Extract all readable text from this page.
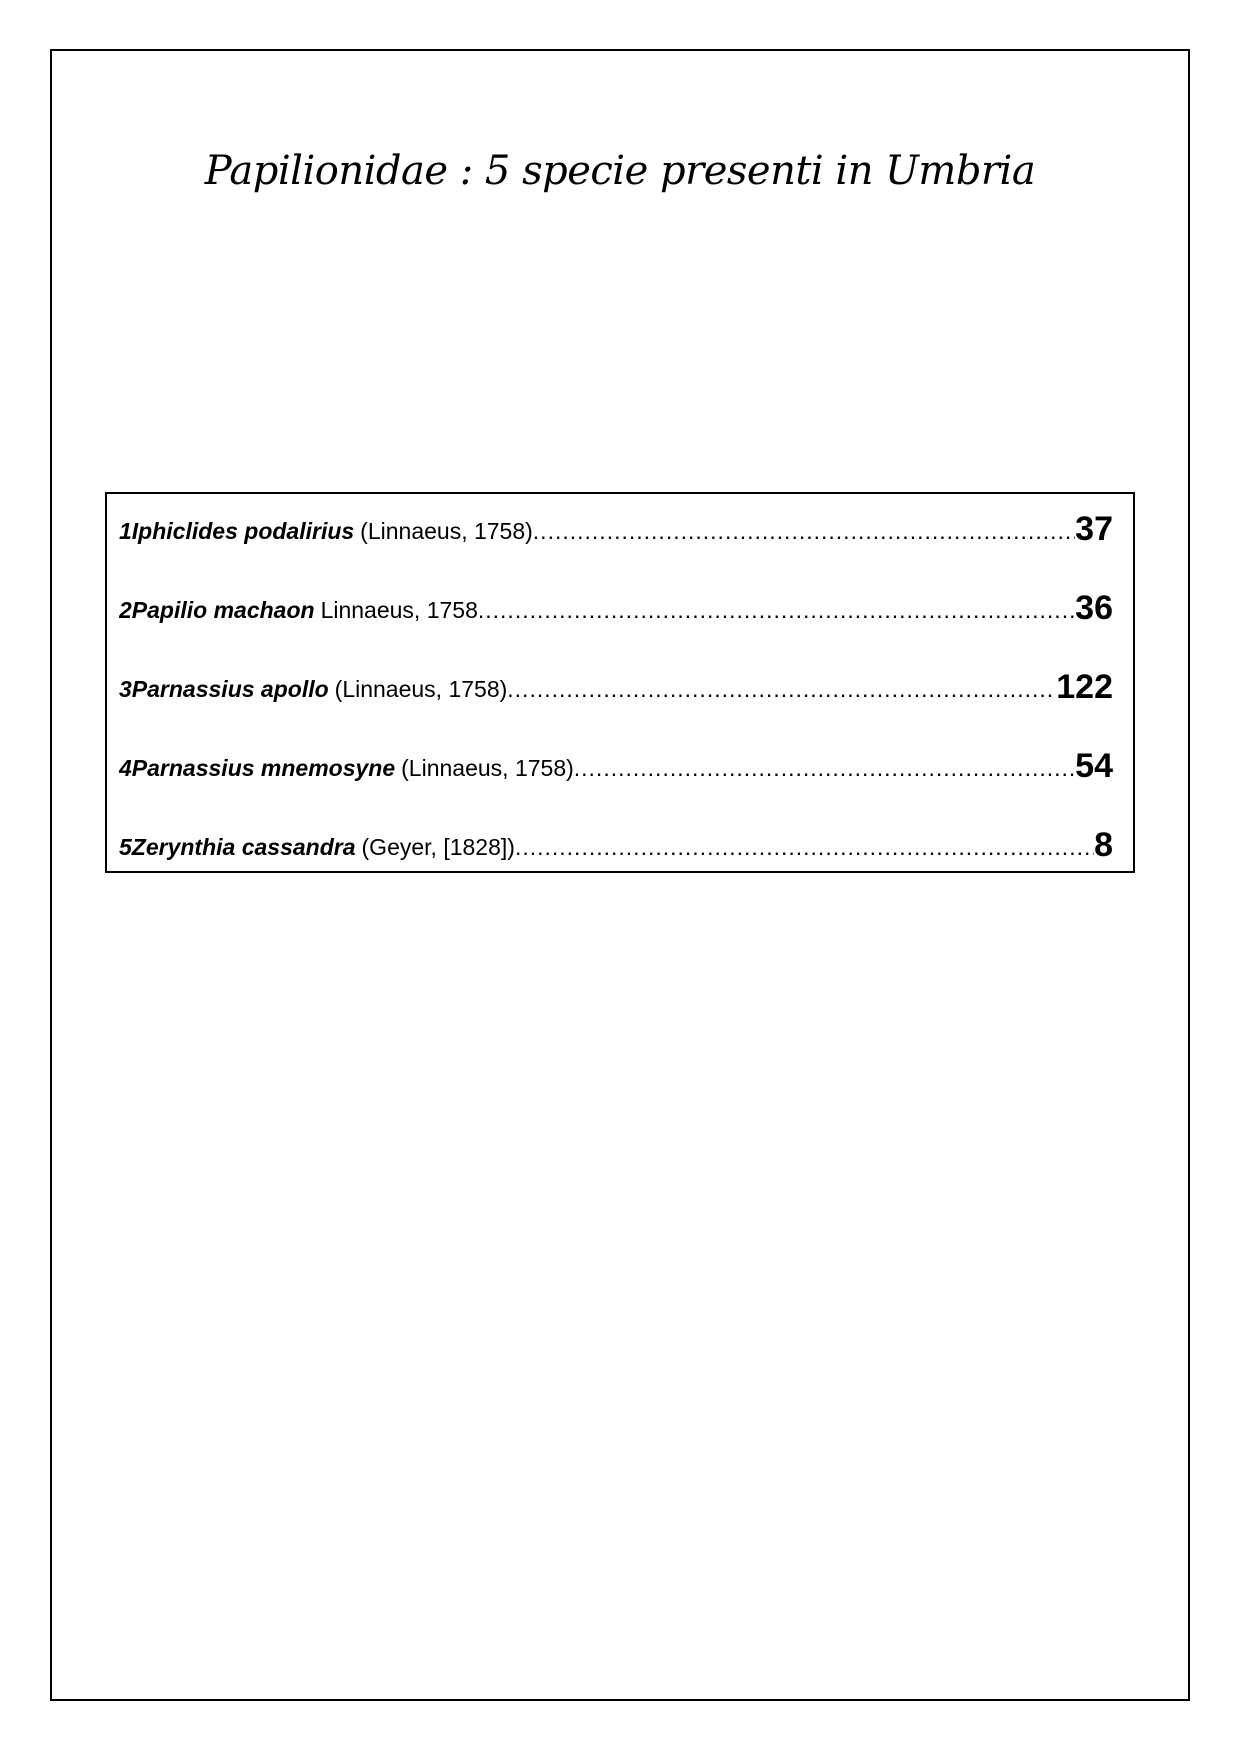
Papilionidae : 5 specie presenti in Umbria
1 Iphiclides podalirius (Linnaeus, 1758) .....	37
2 Papilio machaon Linnaeus, 1758 .....	36
3 Parnassius apollo (Linnaeus, 1758) .....	122
4 Parnassius mnemosyne (Linnaeus, 1758) .....	54
5 Zerynthia cassandra (Geyer, [1828]) .....	8
